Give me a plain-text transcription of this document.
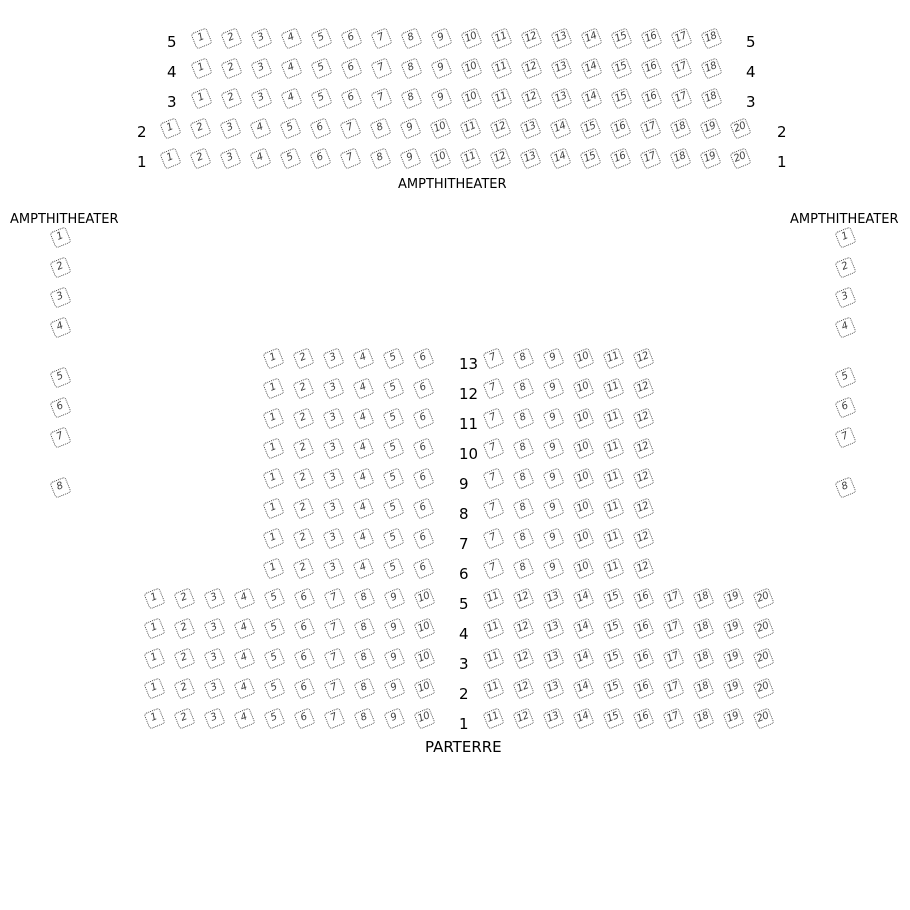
AMPTHITHEATER
AMPTHITHEATER	AMPTHITHEATER
PARTERRE
1	2	3	4	5	6	7	8	9	10	11	12	13	14	15	16	17	18
5	5
1	2	3	4	5	6	7	8	9	10	11	12	13	14	15	16	17	18
4	4
1	2	3	4	5	6	7	8	9	10	11	12	13	14	15	16	17	18
3	3
1	2	3	4	5	6	7	8	9	10	11	12	13	14	15	16	17	18	19	20
2	2
1	2	3	4	5	6	7	8	9	10	11	12	13	14	15	16	17	18	19	20
1	1
1
2
3
4
5
6
7
8
1
2
3
4
5
6
7
8
1	2	3	4	5	6	7	8	9	10	11	12
13
1	2	3	4	5	6	7	8	9	10	11	12
12
1	2	3	4	5	6	7	8	9	10	11	12
11
1	2	3	4	5	6	7	8	9	10	11	12
10
1	2	3	4	5	6	7	8	9	10	11	12
9
1	2	3	4	5	6	7	8	9	10	11	12
8
1	2	3	4	5	6	7	8	9	10	11	12
7
1	2	3	4	5	6	7	8	9	10	11	12
6
1	2	3	4	5	6	7	8	9	10	11	12	13	14	15	16	17	18	19	20
5
1	2	3	4	5	6	7	8	9	10	11	12	13	14	15	16	17	18	19	20
4
1	2	3	4	5	6	7	8	9	10	11	12	13	14	15	16	17	18	19	20
3
1	2	3	4	5	6	7	8	9	10	11	12	13	14	15	16	17	18	19	20
2
1	2	3	4	5	6	7	8	9	10	11	12	13	14	15	16	17	18	19	20
1
